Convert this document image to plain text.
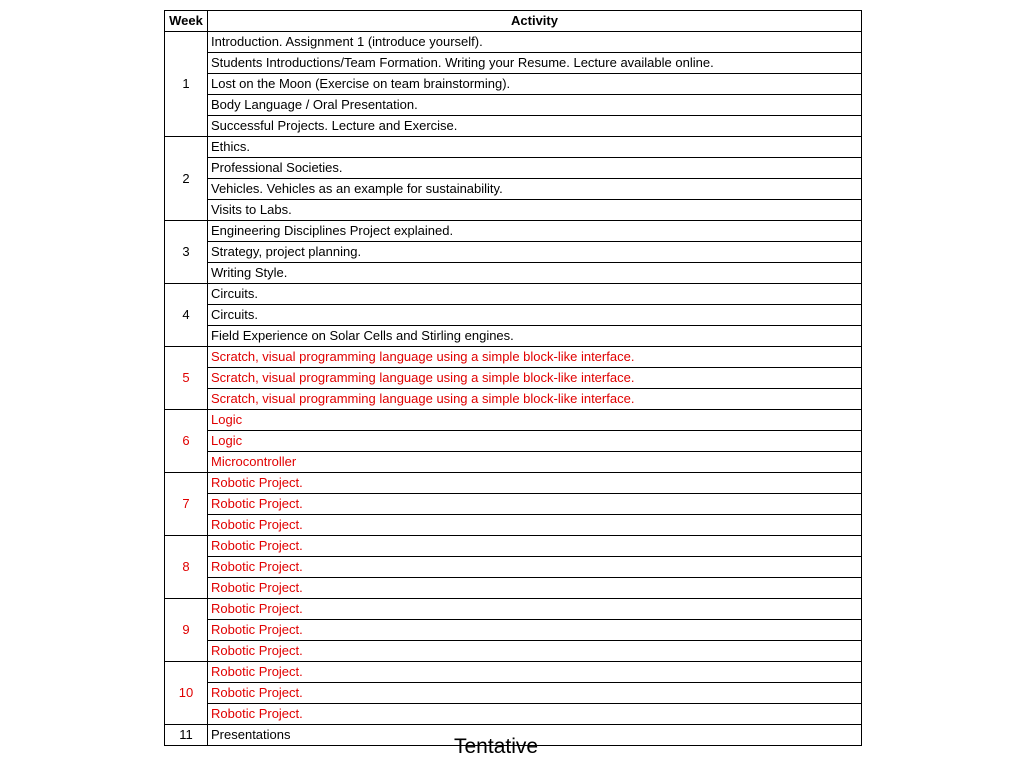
Week	Activity
1	Introduction. Assignment 1 (introduce yourself).
	Students Introductions/Team Formation. Writing your Resume. Lecture available online.
	Lost on the Moon (Exercise on team brainstorming).
	Body Language / Oral Presentation.
	Successful Projects. Lecture and Exercise.
2	Ethics.
	Professional Societies.
	Vehicles. Vehicles as an example for sustainability.
	Visits to Labs.
3	Engineering Disciplines Project explained.
	Strategy, project planning.
	Writing Style.
4	Circuits.
	Circuits.
	Field Experience on Solar Cells and Stirling engines.
5	Scratch, visual programming language using a simple block-like interface.
	Scratch, visual programming language using a simple block-like interface.
	Scratch, visual programming language using a simple block-like interface.
6	Logic
	Logic
	Microcontroller
7	Robotic Project.
	Robotic Project.
	Robotic Project.
8	Robotic Project.
	Robotic Project.
	Robotic Project.
9	Robotic Project.
	Robotic Project.
	Robotic Project.
10	Robotic Project.
	Robotic Project.
	Robotic Project.
11	Presentations
Tentative
